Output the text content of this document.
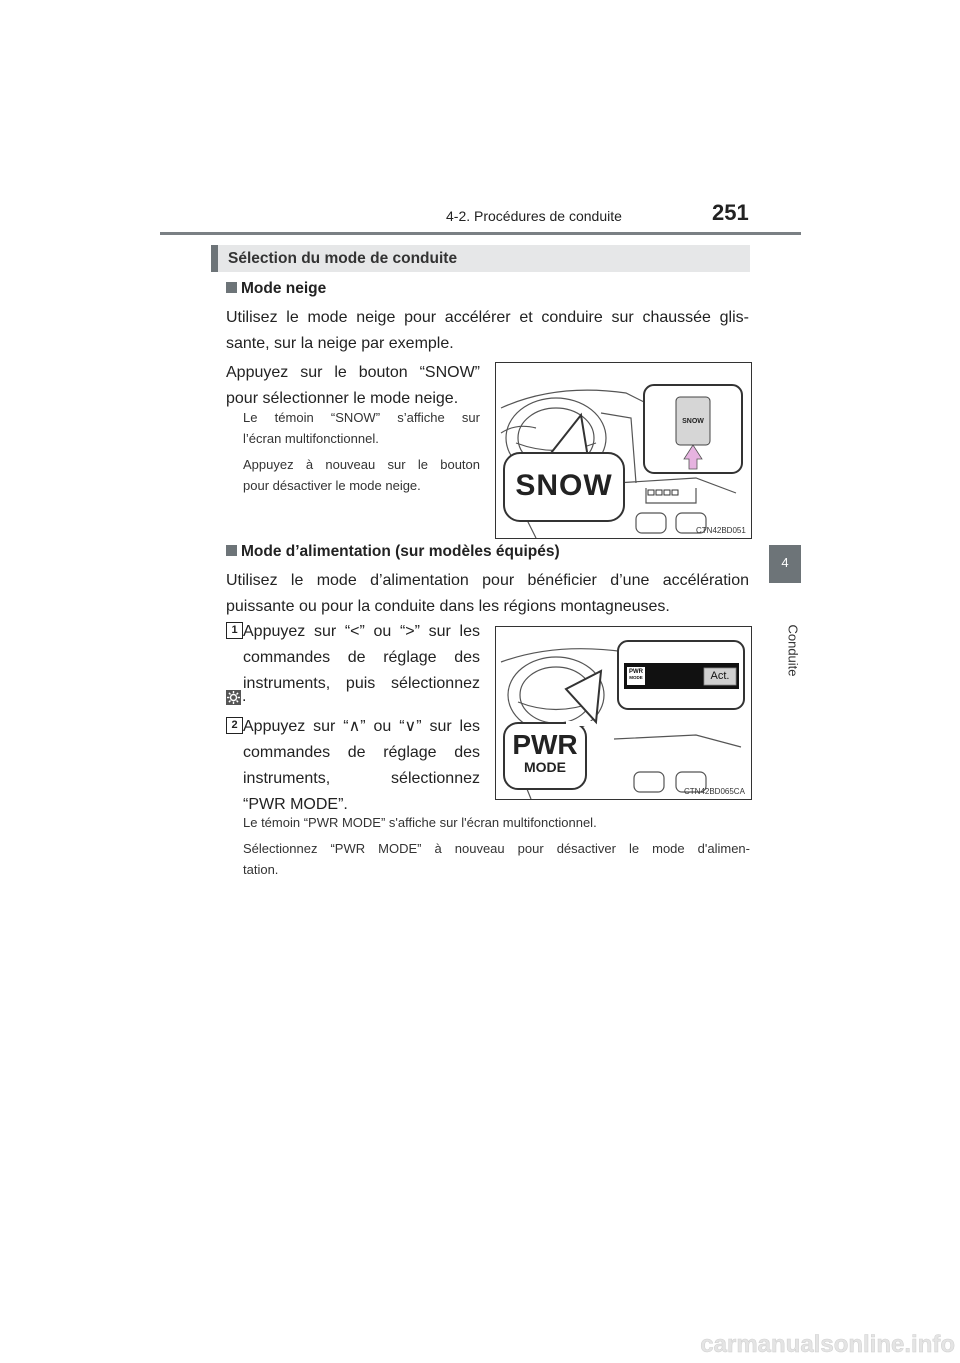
4-2. Procédures de conduite	251
4
Conduite
Sélection du mode de conduite
Mode neige
Utilisez le mode neige pour accélérer et conduire sur chaussée glis-
sante, sur la neige par exemple.
Appuyez sur le bouton “SNOW”
pour sélectionner le mode neige.
Le témoin “SNOW” s’affiche sur
l’écran multifonctionnel.
Appuyez à nouveau sur le bouton
pour désactiver le mode neige.
SNOW
SNOW
CTN42BD051
Mode d’alimentation (sur modèles équipés)
Utilisez le mode d’alimentation pour bénéficier d’une accélération
puissante ou pour la conduite dans les régions montagneuses.
1 Appuyez sur “<” ou “>” sur les
commandes de réglage des
instruments, puis sélectionnez
.
2 Appuyez sur “∧” ou “∨” sur les
commandes de réglage des
instruments,	sélectionnez
“PWR MODE”.
PWR
MODE	Act.
PWR
MODE
CTN42BD065CA
Le témoin “PWR MODE” s'affiche sur l'écran multifonctionnel.
Sélectionnez “PWR MODE” à nouveau pour désactiver le mode d'alimen-
tation.
carmanualsonline.info
